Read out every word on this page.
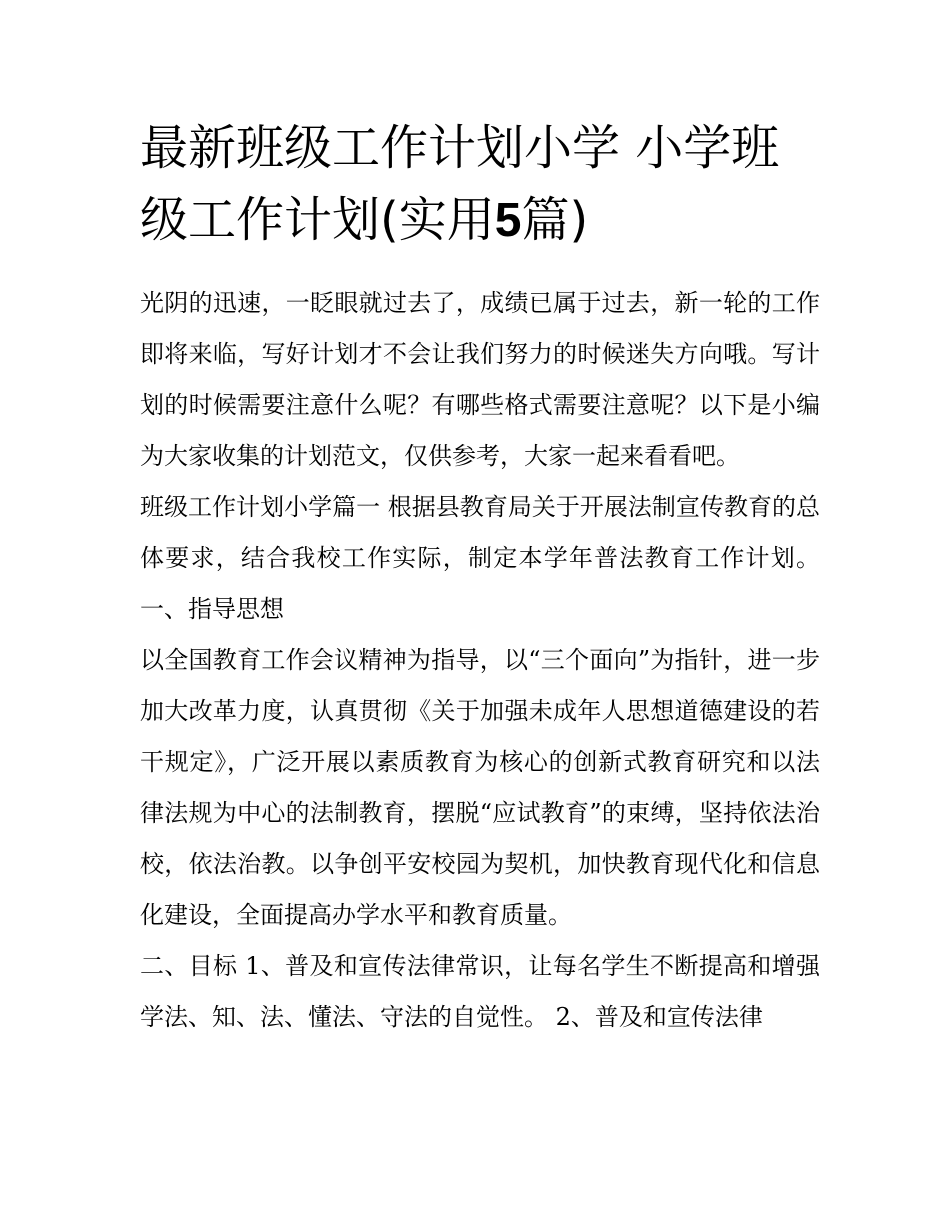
最新班级工作计划小学 小学班级工作计划(实用5篇)

光阴的迅速，一眨眼就过去了，成绩已属于过去，新一轮的工作即将来临，写好计划才不会让我们努力的时候迷失方向哦。写计划的时候需要注意什么呢？有哪些格式需要注意呢？以下是小编为大家收集的计划范文，仅供参考，大家一起来看看吧。

班级工作计划小学篇一 根据县教育局关于开展法制宣传教育的总体要求，结合我校工作实际，制定本学年普法教育工作计划。 一、指导思想

以全国教育工作会议精神为指导，以“三个面向”为指针，进一步加大改革力度，认真贯彻《关于加强未成年人思想道德建设的若干规定》，广泛开展以素质教育为核心的创新式教育研究和以法律法规为中心的法制教育，摆脱“应试教育”的束缚，坚持依法治校，依法治教。以争创平安校园为契机，加快教育现代化和信息化建设，全面提高办学水平和教育质量。

二、目标 1、普及和宣传法律常识，让每名学生不断提高和增强学法、知、法、懂法、守法的自觉性。 2、普及和宣传法律
